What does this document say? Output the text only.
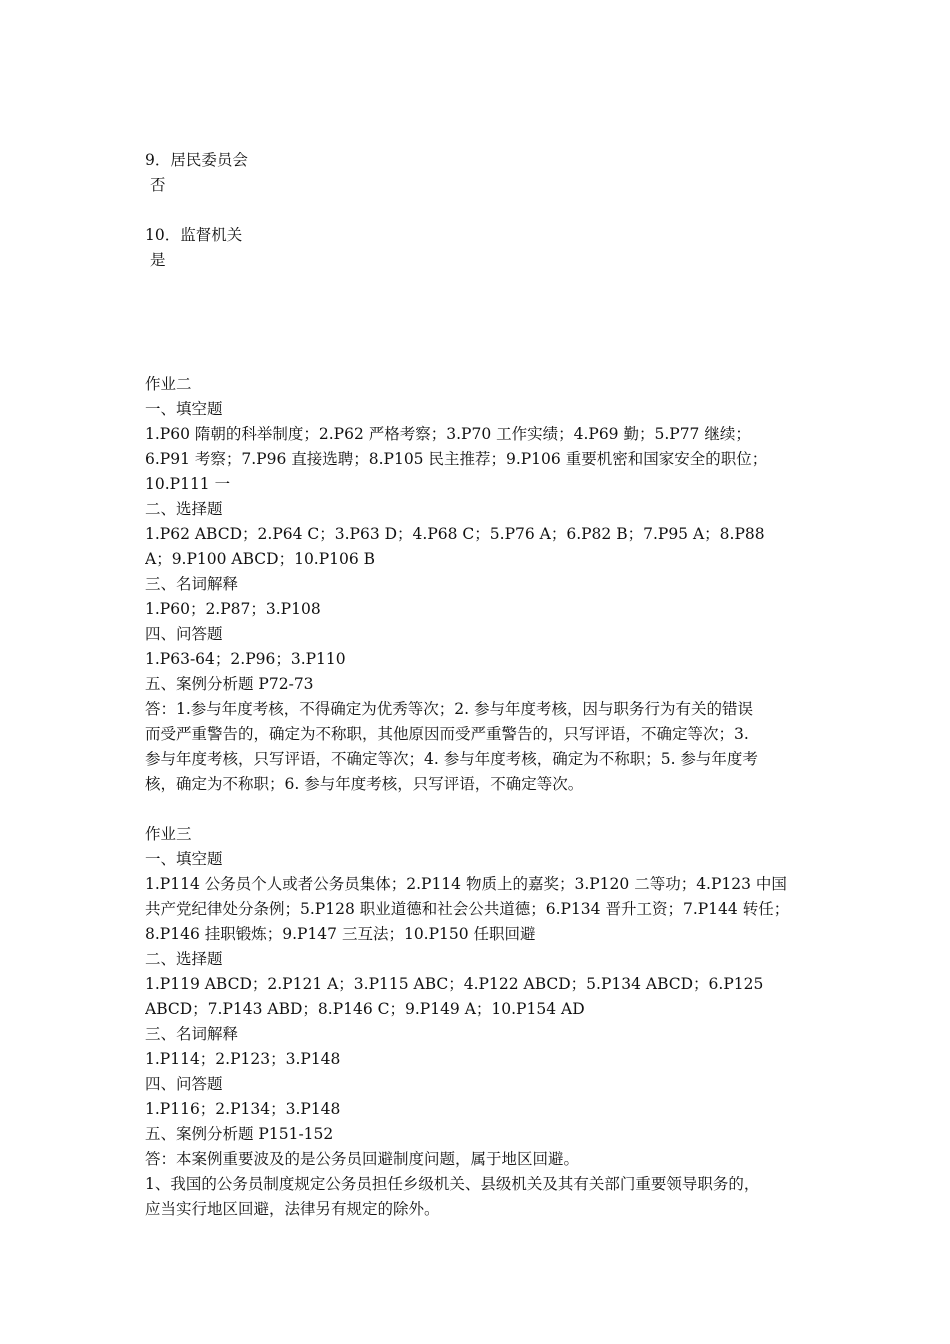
9．居民委员会
否
10．监督机关
是
作业二
一、填空题
1.P60 隋朝的科举制度；2.P62 严格考察；3.P70 工作实绩；4.P69 勤；5.P77 继续；
6.P91 考察；7.P96 直接选聘；8.P105 民主推荐；9.P106 重要机密和国家安全的职位；
10.P111 一
二、选择题
1.P62 ABCD；2.P64 C；3.P63 D；4.P68 C；5.P76 A；6.P82 B；7.P95 A；8.P88
A；9.P100 ABCD；10.P106 B
三、名词解释
1.P60；2.P87；3.P108
四、问答题
1.P63-64；2.P96；3.P110
五、案例分析题 P72-73
答：1.参与年度考核，不得确定为优秀等次；2. 参与年度考核，因与职务行为有关的错误
而受严重警告的，确定为不称职，其他原因而受严重警告的，只写评语，不确定等次；3.
参与年度考核，只写评语，不确定等次；4. 参与年度考核，确定为不称职；5. 参与年度考
核，确定为不称职；6. 参与年度考核，只写评语，不确定等次。
作业三
一、填空题
1.P114 公务员个人或者公务员集体；2.P114 物质上的嘉奖；3.P120 二等功；4.P123 中国
共产党纪律处分条例；5.P128 职业道德和社会公共道德；6.P134 晋升工资；7.P144 转任；
8.P146 挂职锻炼；9.P147 三互法；10.P150 任职回避
二、选择题
1.P119 ABCD；2.P121 A；3.P115 ABC；4.P122 ABCD；5.P134 ABCD；6.P125
ABCD；7.P143 ABD；8.P146 C；9.P149 A；10.P154 AD
三、名词解释
1.P114；2.P123；3.P148
四、问答题
1.P116；2.P134；3.P148
五、案例分析题 P151-152
答：本案例重要波及的是公务员回避制度问题，属于地区回避。
1、我国的公务员制度规定公务员担任乡级机关、县级机关及其有关部门重要领导职务的，
应当实行地区回避，法律另有规定的除外。
